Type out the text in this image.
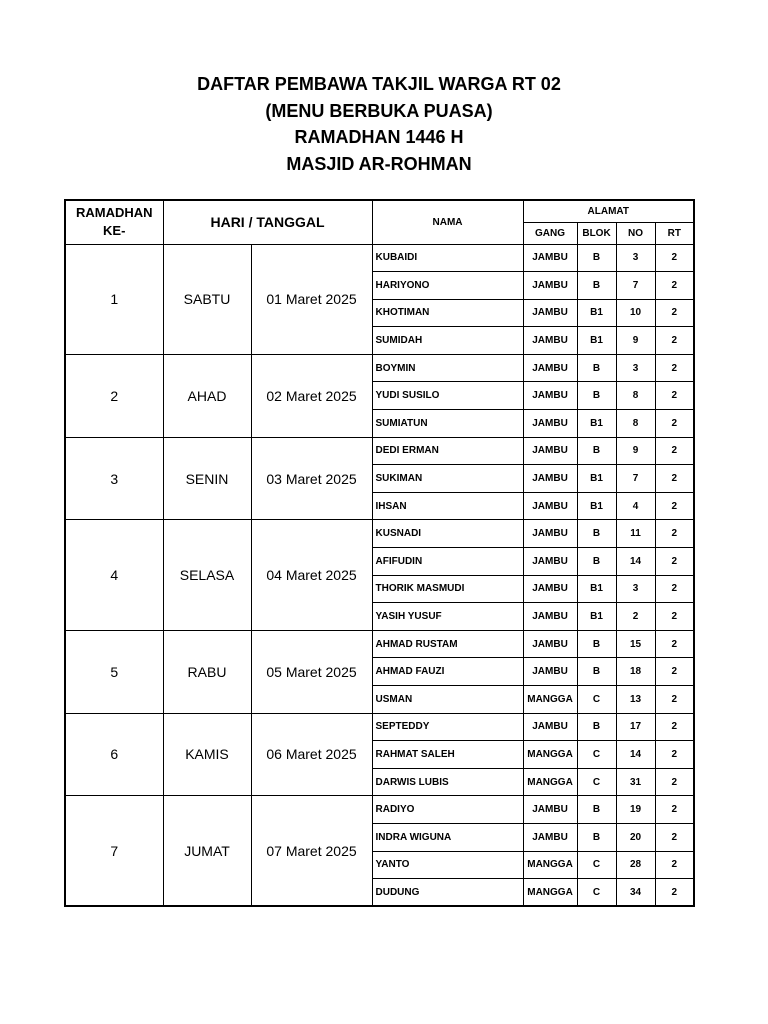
DAFTAR PEMBAWA TAKJIL WARGA RT 02
(MENU BERBUKA PUASA)
RAMADHAN 1446 H
MASJID AR-ROHMAN
RAMADHAN KE-	HARI / TANGGAL		NAMA	ALAMAT			
				GANG	BLOK	NO	RT
1	SABTU	01 Maret 2025	KUBAIDI	JAMBU	B	3	2
			HARIYONO	JAMBU	B	7	2
			KHOTIMAN	JAMBU	B1	10	2
			SUMIDAH	JAMBU	B1	9	2
2	AHAD	02 Maret 2025	BOYMIN	JAMBU	B	3	2
			YUDI SUSILO	JAMBU	B	8	2
			SUMIATUN	JAMBU	B1	8	2
3	SENIN	03 Maret 2025	DEDI ERMAN	JAMBU	B	9	2
			SUKIMAN	JAMBU	B1	7	2
			IHSAN	JAMBU	B1	4	2
4	SELASA	04 Maret 2025	KUSNADI	JAMBU	B	11	2
			AFIFUDIN	JAMBU	B	14	2
			THORIK MASMUDI	JAMBU	B1	3	2
			YASIH YUSUF	JAMBU	B1	2	2
5	RABU	05 Maret 2025	AHMAD RUSTAM	JAMBU	B	15	2
			AHMAD FAUZI	JAMBU	B	18	2
			USMAN	MANGGA	C	13	2
6	KAMIS	06 Maret 2025	SEPTEDDY	JAMBU	B	17	2
			RAHMAT SALEH	MANGGA	C	14	2
			DARWIS LUBIS	MANGGA	C	31	2
7	JUMAT	07 Maret 2025	RADIYO	JAMBU	B	19	2
			INDRA WIGUNA	JAMBU	B	20	2
			YANTO	MANGGA	C	28	2
			DUDUNG	MANGGA	C	34	2
